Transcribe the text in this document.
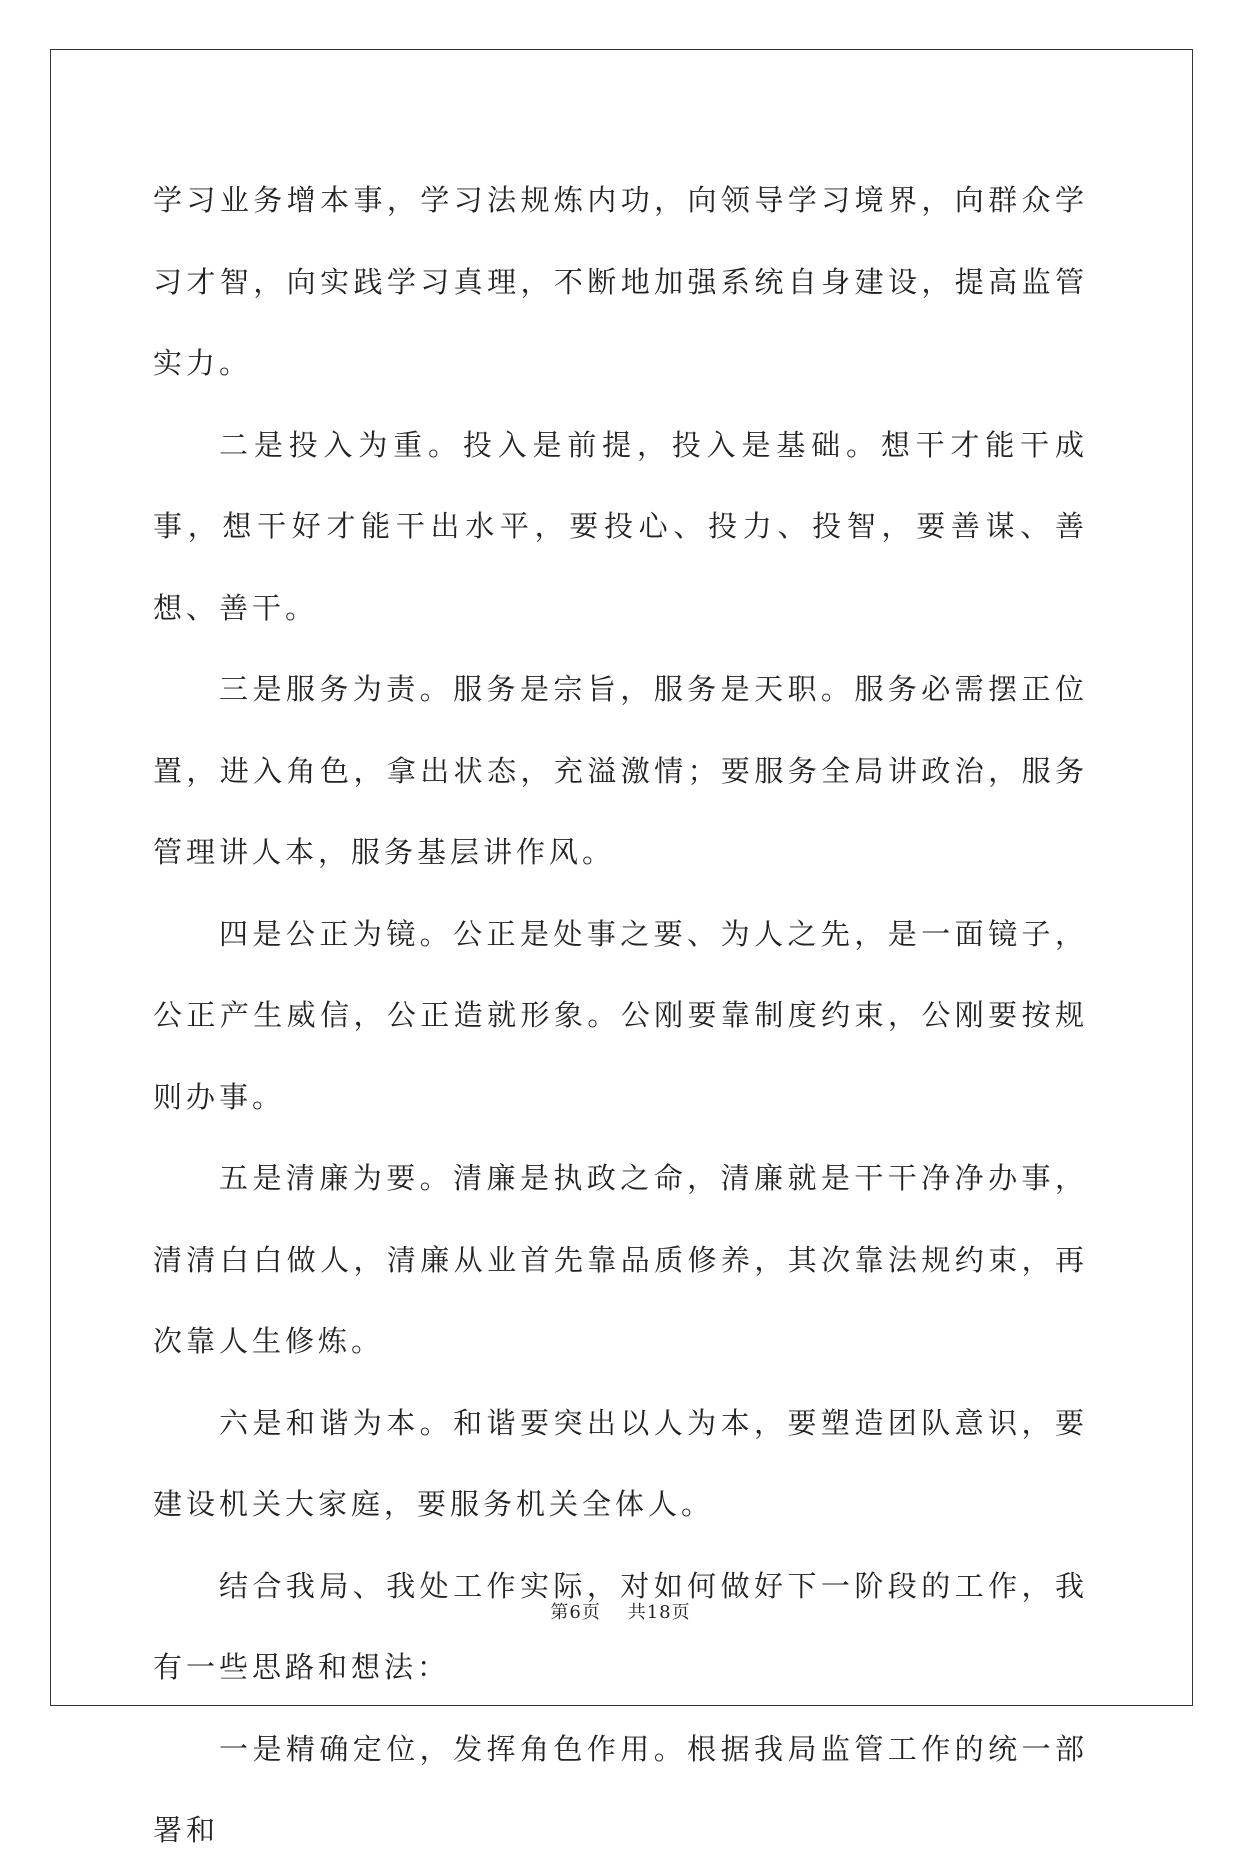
学习业务增本事，学习法规炼内功，向领导学习境界，向群众学习才智，向实践学习真理，不断地加强系统自身建设，提高监管实力。

二是投入为重。投入是前提，投入是基础。想干才能干成事，想干好才能干出水平，要投心、投力、投智，要善谋、善想、善干。

三是服务为责。服务是宗旨，服务是天职。服务必需摆正位置，进入角色，拿出状态，充溢激情；要服务全局讲政治，服务管理讲人本，服务基层讲作风。

四是公正为镜。公正是处事之要、为人之先，是一面镜子，公正产生威信，公正造就形象。公刚要靠制度约束，公刚要按规则办事。

五是清廉为要。清廉是执政之命，清廉就是干干净净办事，清清白白做人，清廉从业首先靠品质修养，其次靠法规约束，再次靠人生修炼。

六是和谐为本。和谐要突出以人为本，要塑造团队意识，要建设机关大家庭，要服务机关全体人。

结合我局、我处工作实际，对如何做好下一阶段的工作，我有一些思路和想法：

一是精确定位，发挥角色作用。根据我局监管工作的统一部署和

第6页 共18页
